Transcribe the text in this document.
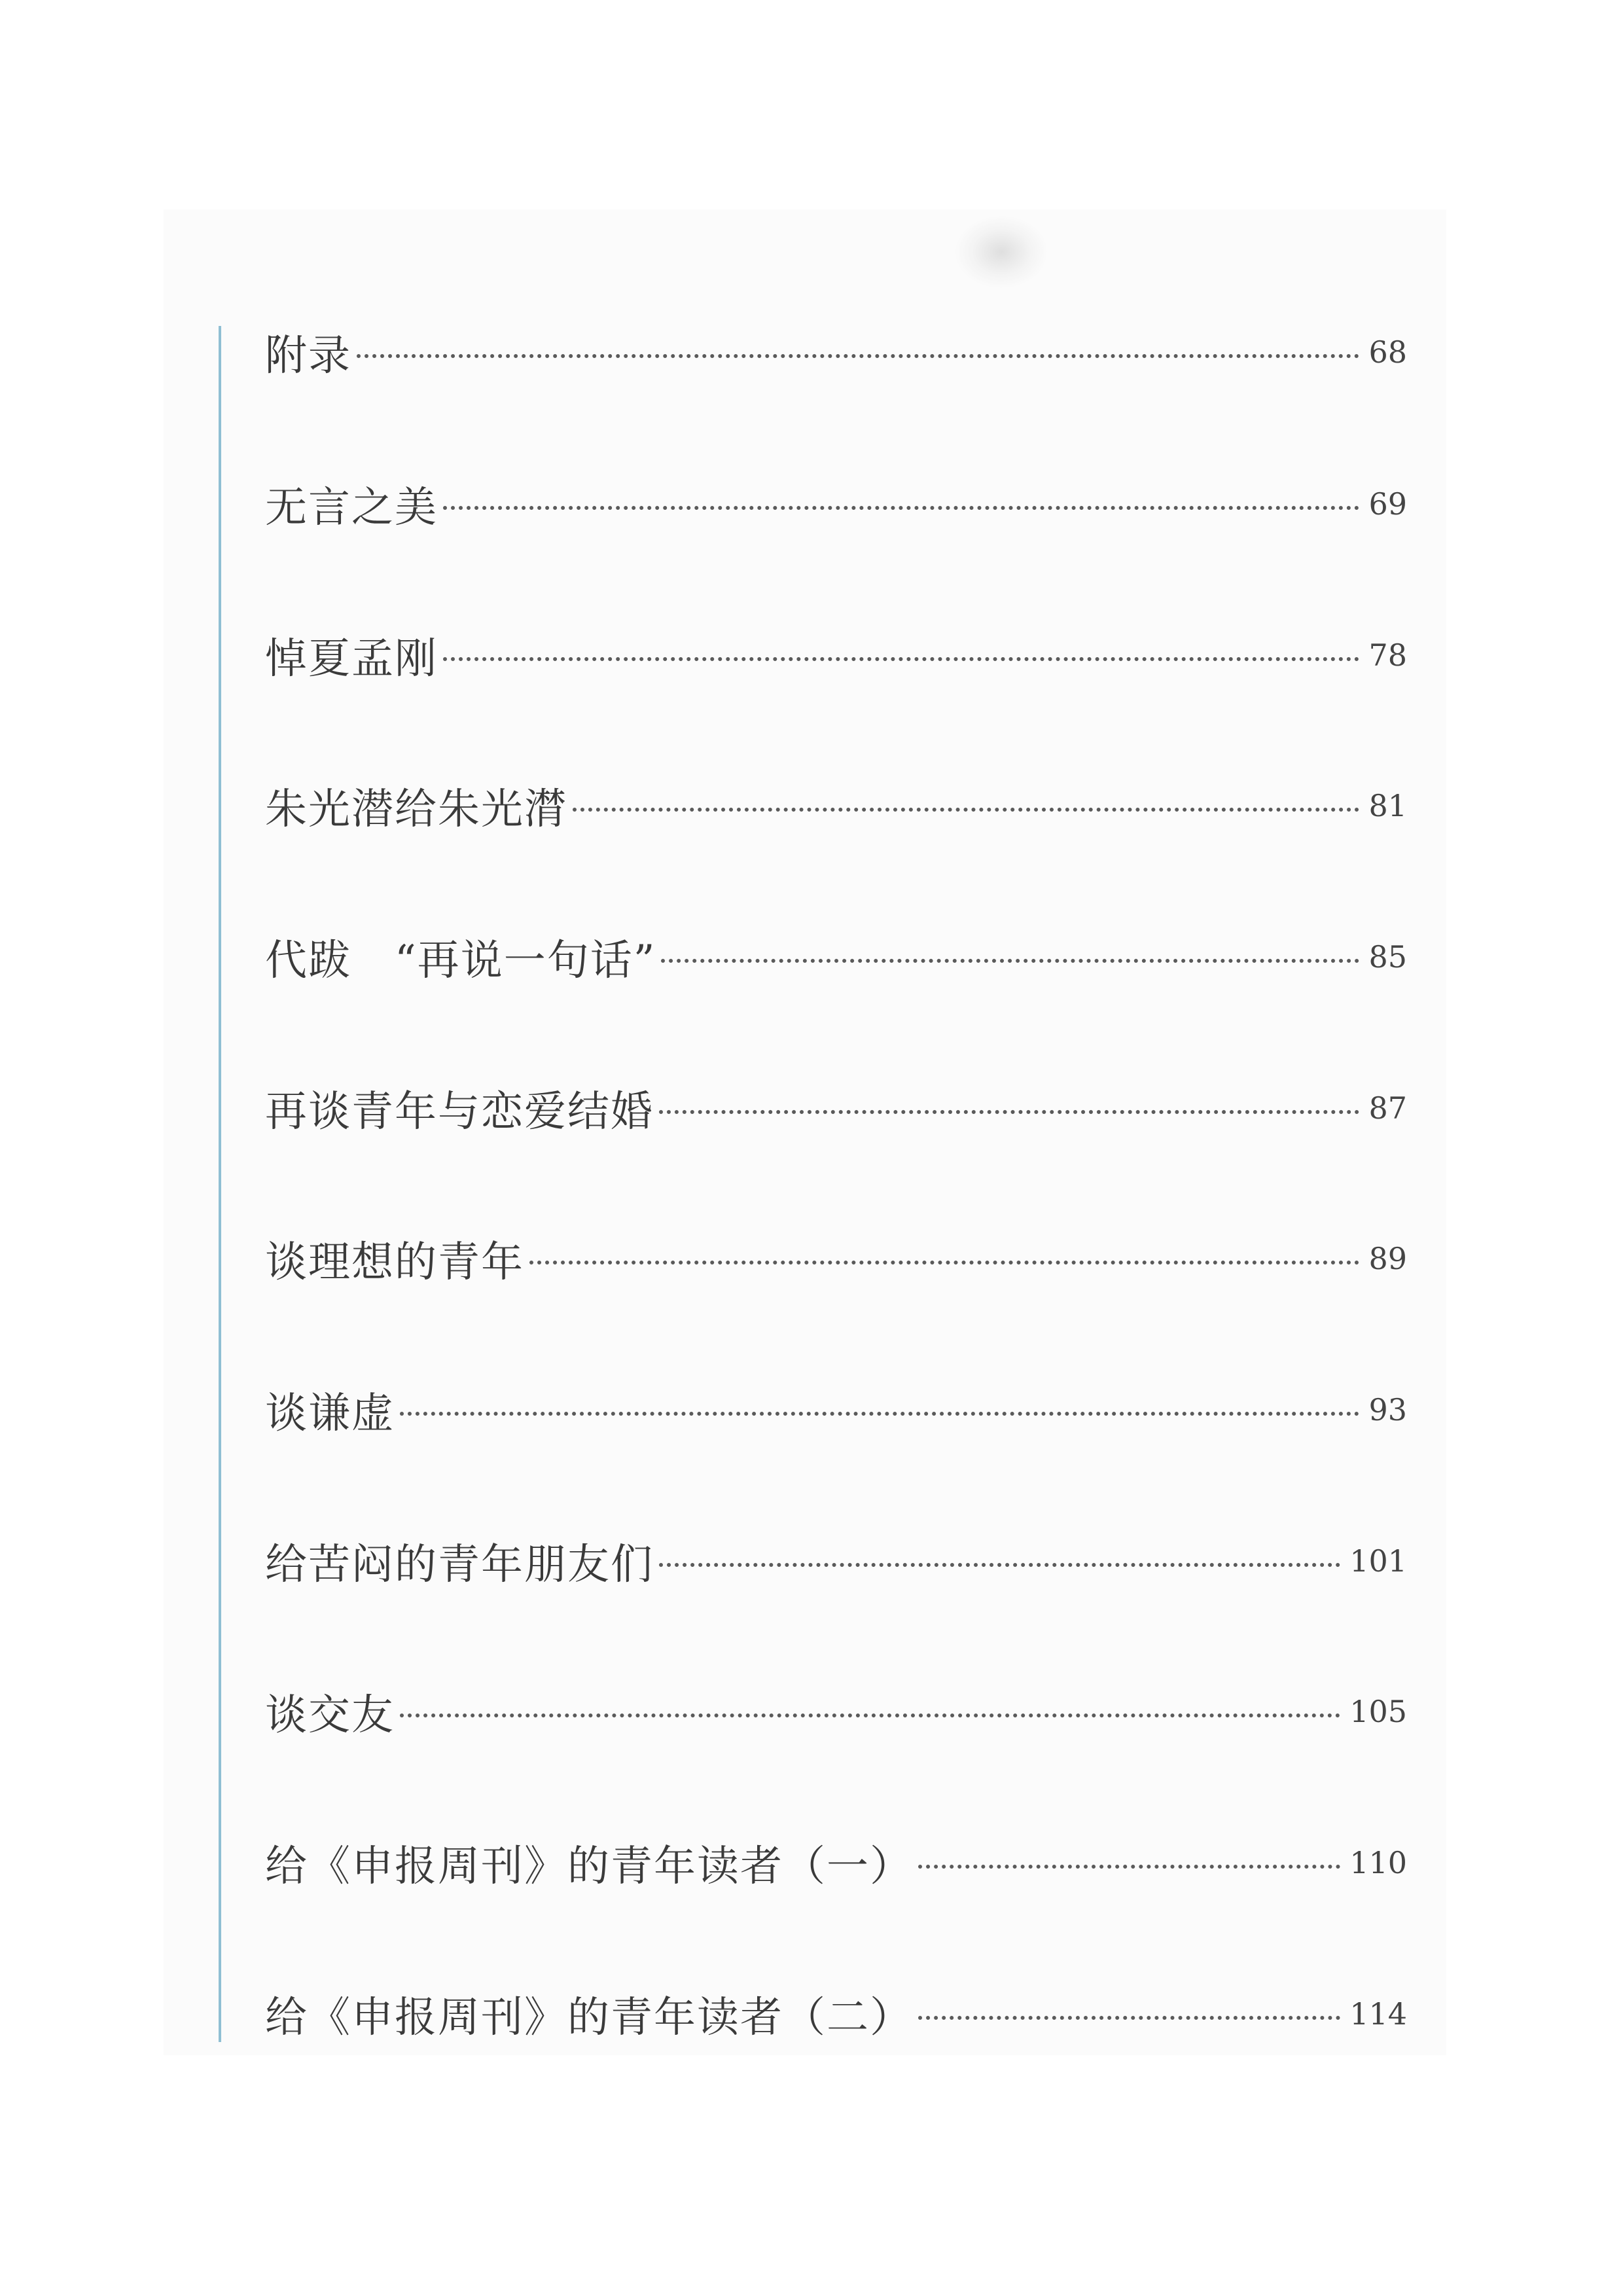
附录	68
无言之美	69
悼夏孟刚	78
朱光潜给朱光潸	81
代跋　“再说一句话”	85
再谈青年与恋爱结婚	87
谈理想的青年	89
谈谦虚	93
给苦闷的青年朋友们	101
谈交友	105
给《申报周刊》的青年读者（一）	110
给《申报周刊》的青年读者（二）	114
